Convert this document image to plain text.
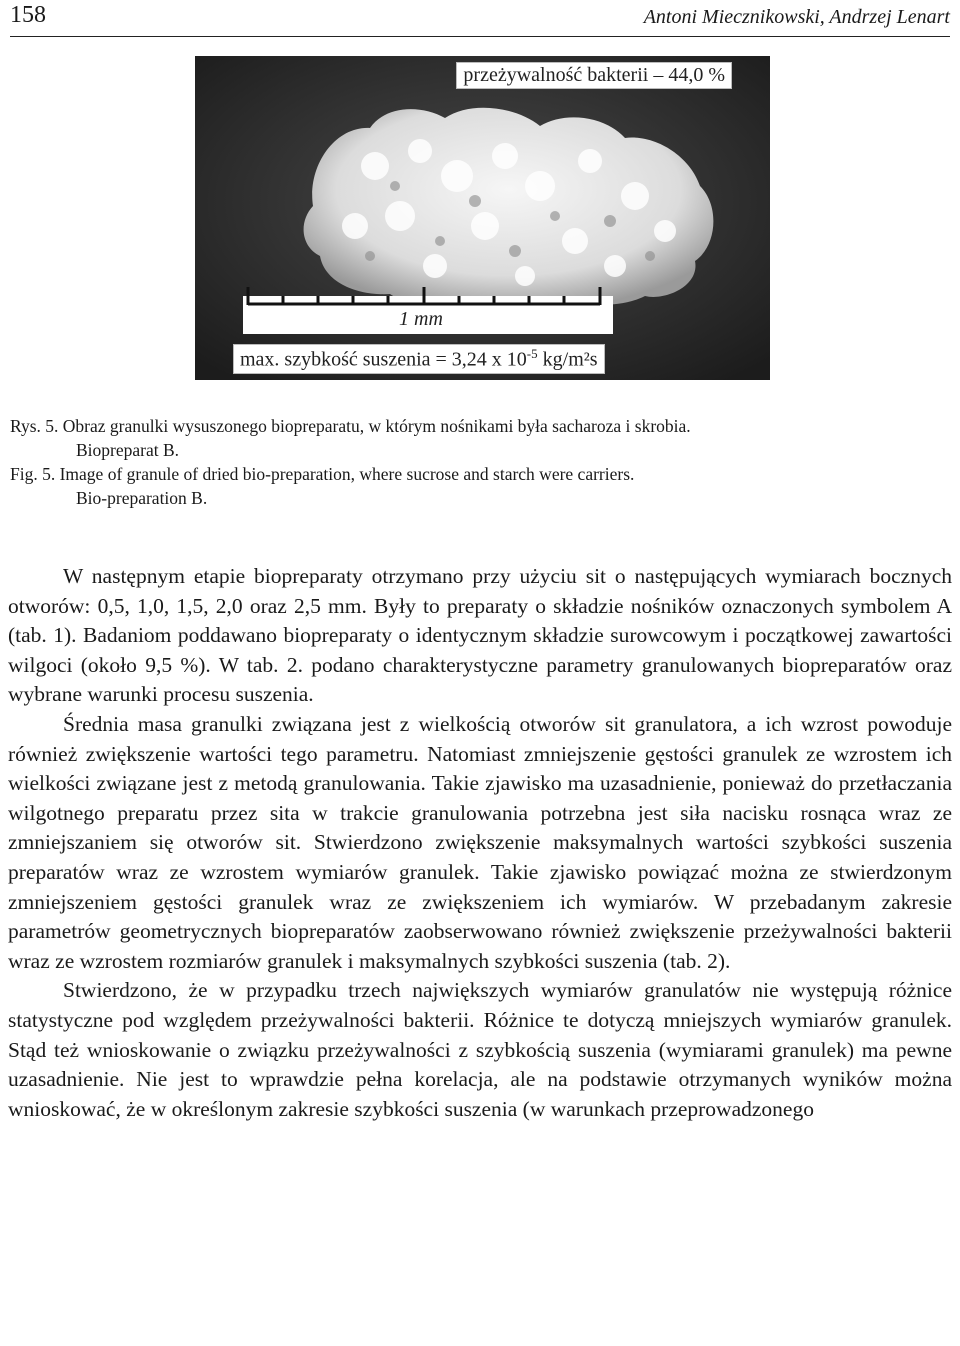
158	Antoni Miecznikowski, Andrzej Lenart
przeżywalność bakterii – 44,0 %
1 mm
max. szybkość suszenia = 3,24 x $10^{-5}$ kg/m²s
Rys. 5. Obraz granulki wysuszonego biopreparatu, w którym nośnikami była sacharoza i skrobia.
Biopreparat B.
Fig. 5. Image of granule of dried bio-preparation, where sucrose and starch were carriers.
Bio-preparation B.

W następnym etapie biopreparaty otrzymano przy użyciu sit o następujących wymiarach bocznych otworów: 0,5, 1,0, 1,5, 2,0 oraz 2,5 mm. Były to preparaty o składzie nośników oznaczonych symbolem A (tab. 1). Badaniom poddawano biopreparaty o identycznym składzie surowcowym i początkowej zawartości wilgoci (około 9,5 %). W tab. 2. podano charakterystyczne parametry granulowanych biopreparatów oraz wybrane warunki procesu suszenia.

Średnia masa granulki związana jest z wielkością otworów sit granulatora, a ich wzrost powoduje również zwiększenie wartości tego parametru. Natomiast zmniejszenie gęstości granulek ze wzrostem ich wielkości związane jest z metodą granulowania. Takie zjawisko ma uzasadnienie, ponieważ do przetłaczania wilgotnego preparatu przez sita w trakcie granulowania potrzebna jest siła nacisku rosnąca wraz ze zmniejszaniem się otworów sit. Stwierdzono zwiększenie maksymalnych wartości szybkości suszenia preparatów wraz ze wzrostem wymiarów granulek. Takie zjawisko powiązać można ze stwierdzonym zmniejszeniem gęstości granulek wraz ze zwiększeniem ich wymiarów. W przebadanym zakresie parametrów geometrycznych biopreparatów zaobserwowano również zwiększenie przeżywalności bakterii wraz ze wzrostem rozmiarów granulek i maksymalnych szybkości suszenia (tab. 2).

Stwierdzono, że w przypadku trzech największych wymiarów granulatów nie występują różnice statystyczne pod względem przeżywalności bakterii. Różnice te dotyczą mniejszych wymiarów granulek. Stąd też wnioskowanie o związku przeżywalności z szybkością suszenia (wymiarami granulek) ma pewne uzasadnienie. Nie jest to wprawdzie pełna korelacja, ale na podstawie otrzymanych wyników można wnioskować, że w określonym zakresie szybkości suszenia (w warunkach przeprowadzonego
